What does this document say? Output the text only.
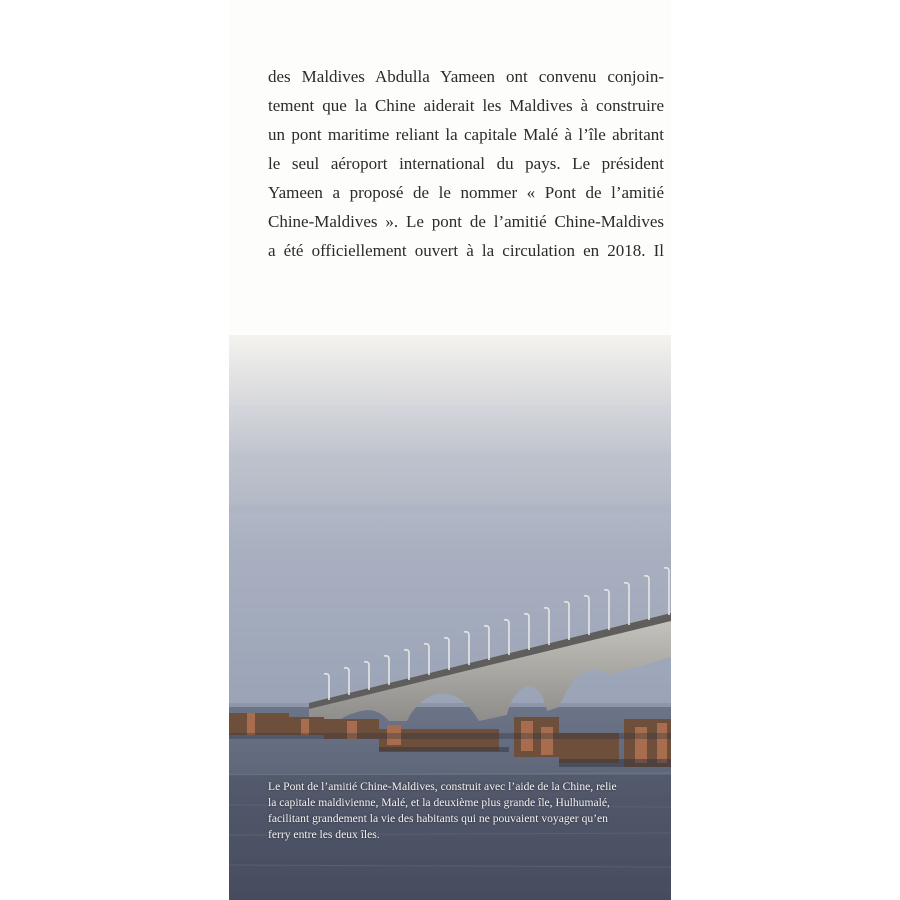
des Maldives Abdulla Yameen ont convenu conjoin-
tement que la Chine aiderait les Maldives à construire
un pont maritime reliant la capitale Malé à l’île abritant
le seul aéroport international du pays. Le président
Yameen a proposé de le nommer « Pont de l’amitié
Chine-Maldives ». Le pont de l’amitié Chine-Maldives
a été officiellement ouvert à la circulation en 2018. Il
Le Pont de l’amitié Chine-Maldives, construit avec l’aide de la Chine, relie
la capitale maldivienne, Malé, et la deuxième plus grande île, Hulhumalé,
facilitant grandement la vie des habitants qui ne pouvaient voyager qu’en
ferry entre les deux îles.
